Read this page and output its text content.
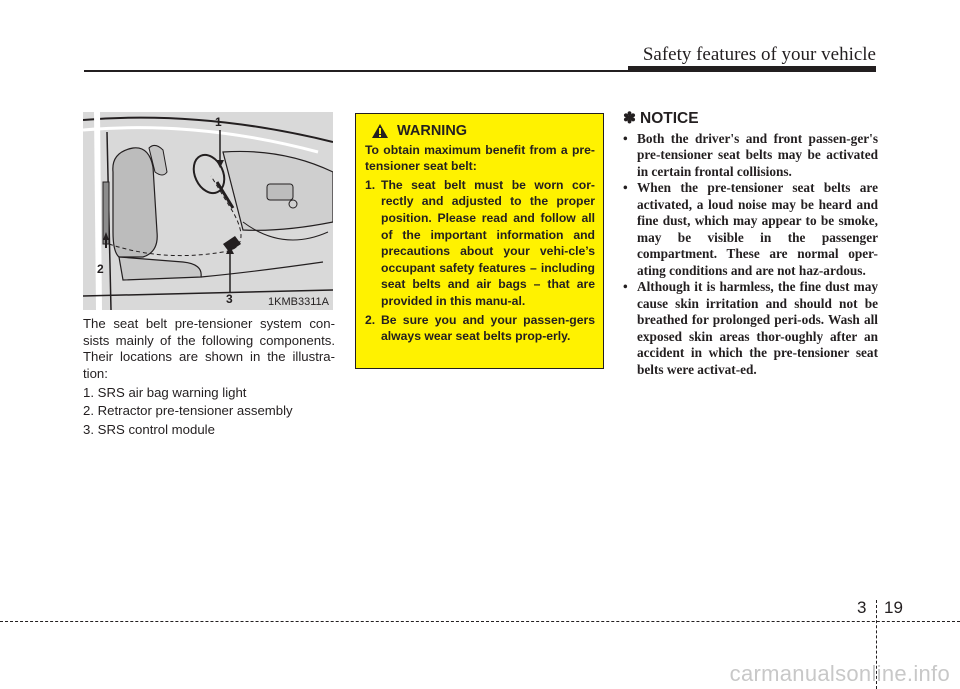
Safety features of your vehicle
1
2
3	1KMB3311A

The seat belt pre-tensioner system con-sists mainly of the following components. Their locations are shown in the illustra-tion:

1. SRS air bag warning light
2. Retractor pre-tensioner assembly
3. SRS control module
WARNING

To obtain maximum benefit from a pre-tensioner seat belt:

1. The seat belt must be worn cor-rectly and adjusted to the proper position. Please read and follow all of the important information and precautions about your vehi-cle’s occupant safety features – including seat belts and air bags – that are provided in this manu-al.
2. Be sure you and your passen-gers always wear seat belts prop-erly.
✽ NOTICE
• Both the driver's and front passen-ger's pre-tensioner seat belts may be activated in certain frontal collisions.
• When the pre-tensioner seat belts are activated, a loud noise may be heard and fine dust, which may appear to be smoke, may be visible in the passenger compartment. These are normal oper-ating conditions and are not haz-ardous.
• Although it is harmless, the fine dust may cause skin irritation and should not be breathed for prolonged peri-ods. Wash all exposed skin areas thor-oughly after an accident in which the pre-tensioner seat belts were activat-ed.
3 19
carmanualsonline.info
